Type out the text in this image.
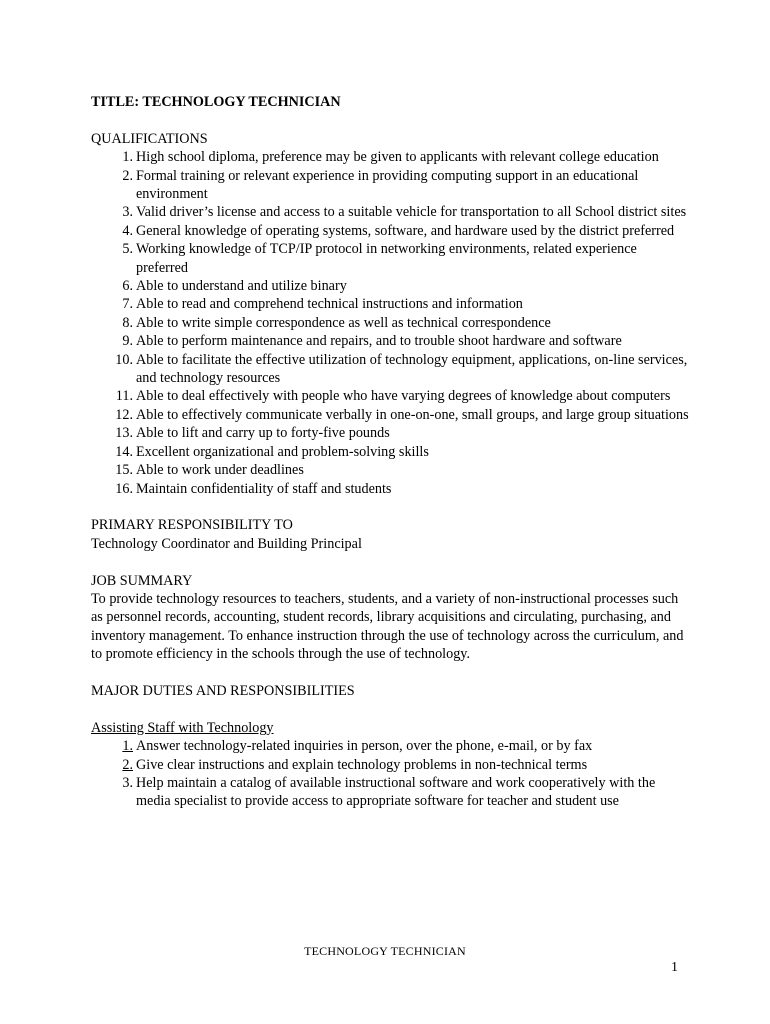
TITLE: TECHNOLOGY TECHNICIAN

QUALIFICATIONS

1. High school diploma, preference may be given to applicants with relevant college education
2. Formal training or relevant experience in providing computing support in an educational environment
3. Valid driver’s license and access to a suitable vehicle for transportation to all School district sites
4. General knowledge of operating systems, software, and hardware used by the district preferred
5. Working knowledge of TCP/IP protocol in networking environments, related experience preferred
6. Able to understand and utilize binary
7. Able to read and comprehend technical instructions and information
8. Able to write simple correspondence as well as technical correspondence
9. Able to perform maintenance and repairs, and to trouble shoot hardware and software
10. Able to facilitate the effective utilization of technology equipment, applications, on-line services, and technology resources
11. Able to deal effectively with people who have varying degrees of knowledge about computers
12. Able to effectively communicate verbally in one-on-one, small groups, and large group situations
13. Able to lift and carry up to forty-five pounds
14. Excellent organizational and problem-solving skills
15. Able to work under deadlines
16. Maintain confidentiality of staff and students

PRIMARY RESPONSIBILITY TO

Technology Coordinator and Building Principal

JOB SUMMARY

To provide technology resources to teachers, students, and a variety of non-instructional processes such as personnel records, accounting, student records, library acquisitions and circulating, purchasing, and inventory management. To enhance instruction through the use of technology across the curriculum, and to promote efficiency in the schools through the use of technology.

MAJOR DUTIES AND RESPONSIBILITIES

Assisting Staff with Technology

1. Answer technology-related inquiries in person, over the phone, e-mail, or by fax
2. Give clear instructions and explain technology problems in non-technical terms
3. Help maintain a catalog of available instructional software and work cooperatively with the media specialist to provide access to appropriate software for teacher and student use
TECHNOLOGY TECHNICIAN
1
